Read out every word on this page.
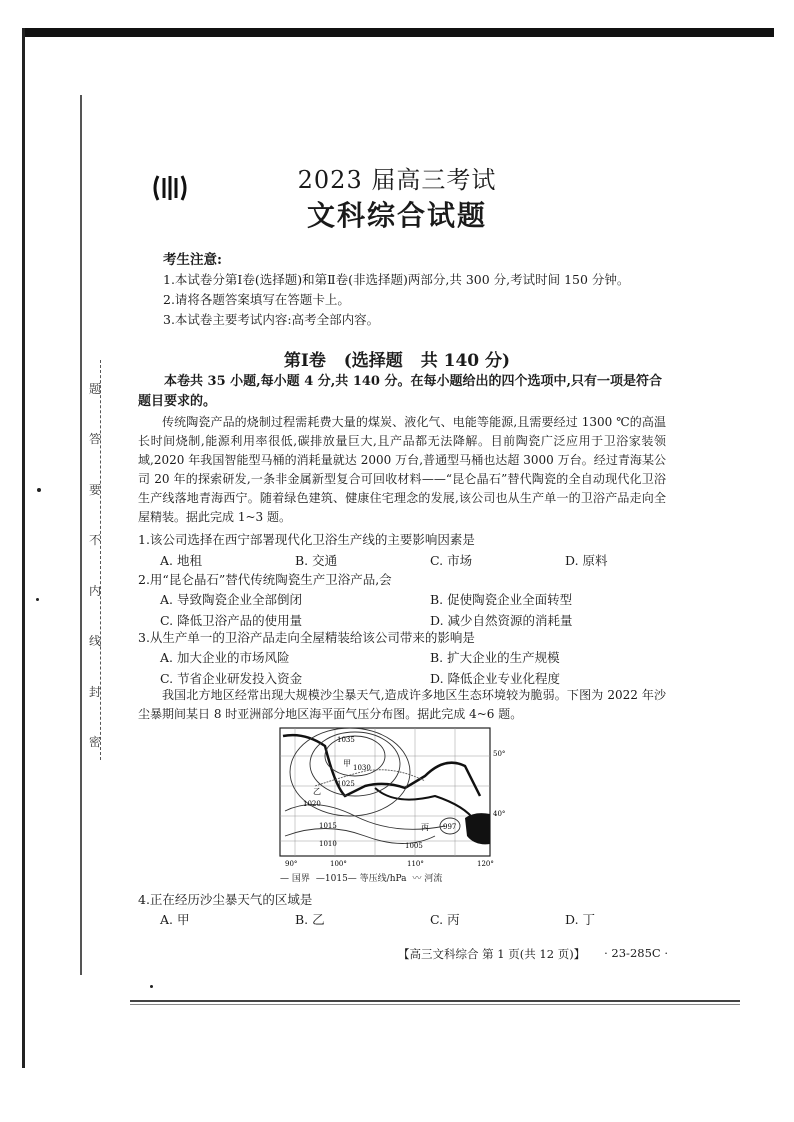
题
答
要
不
内
线
封
密
2023 届高三考试
文科综合试题
考生注意:
1.本试卷分第Ⅰ卷(选择题)和第Ⅱ卷(非选择题)两部分,共 300 分,考试时间 150 分钟。
2.请将各题答案填写在答题卡上。
3.本试卷主要考试内容:高考全部内容。
第Ⅰ卷 (选择题 共 140 分)
本卷共 35 小题,每小题 4 分,共 140 分。在每小题给出的四个选项中,只有一项是符合题目要求的。
传统陶瓷产品的烧制过程需耗费大量的煤炭、液化气、电能等能源,且需要经过 1300 ℃的高温长时间烧制,能源利用率很低,碳排放量巨大,且产品都无法降解。目前陶瓷广泛应用于卫浴家装领域,2020 年我国智能型马桶的消耗量就达 2000 万台,普通型马桶也达超 3000 万台。经过青海某公司 20 年的探索研发,一条非金属新型复合可回收材料——“昆仑晶石”替代陶瓷的全自动现代化卫浴生产线落地青海西宁。随着绿色建筑、健康住宅理念的发展,该公司也从生产单一的卫浴产品走向全屋精装。据此完成 1~3 题。
1.该公司选择在西宁部署现代化卫浴生产线的主要影响因素是
A. 地租	B. 交通	C. 市场	D. 原料
2.用“昆仑晶石”替代传统陶瓷生产卫浴产品,会
A. 导致陶瓷企业全部倒闭	B. 促使陶瓷企业全面转型
C. 降低卫浴产品的使用量	D. 减少自然资源的消耗量
3.从生产单一的卫浴产品走向全屋精装给该公司带来的影响是
A. 加大企业的市场风险	B. 扩大企业的生产规模
C. 节省企业研发投入资金	D. 降低企业专业化程度
我国北方地区经常出现大规模沙尘暴天气,造成许多地区生态环境较为脆弱。下图为 2022 年沙尘暴期间某日 8 时亚洲部分地区海平面气压分布图。据此完成 4~6 题。
1035
1030
1025
1020
1015
1010	1005
997
甲
乙
丙
丁
50°
40°
90°	100°	110°	120°
— 国界 —1015— 等压线/hPa 〰 河流
4.正在经历沙尘暴天气的区域是
A. 甲	B. 乙	C. 丙	D. 丁
【高三文科综合 第 1 页(共 12 页)】 · 23-285C ·
